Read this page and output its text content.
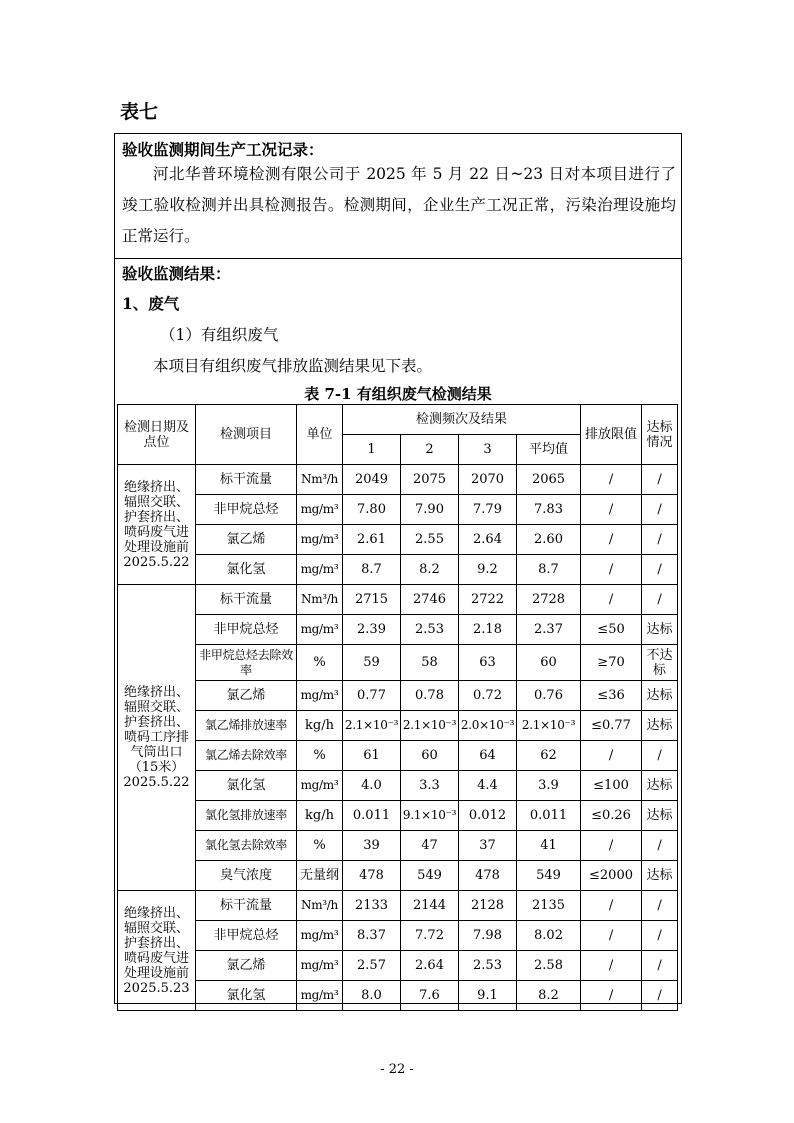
表七
验收监测期间生产工况记录：
河北华普环境检测有限公司于 2025 年 5 月 22 日~23 日对本项目进行了竣工验收检测并出具检测报告。检测期间，企业生产工况正常，污染治理设施均正常运行。
验收监测结果：
1、废气
（1）有组织废气
本项目有组织废气排放监测结果见下表。
表 7-1 有组织废气检测结果
检测日期及点位	检测项目	单位	检测频次及结果				排放限值	达标情况
			1	2	3	平均值		
绝缘挤出、辐照交联、护套挤出、喷码废气进处理设施前2025.5.22	标干流量	Nm³/h	2049	2075	2070	2065	/	/
	非甲烷总烃	mg/m³	7.80	7.90	7.79	7.83	/	/
	氯乙烯	mg/m³	2.61	2.55	2.64	2.60	/	/
	氯化氢	mg/m³	8.7	8.2	9.2	8.7	/	/
绝缘挤出、辐照交联、护套挤出、喷码工序排气筒出口（15米）2025.5.22	标干流量	Nm³/h	2715	2746	2722	2728	/	/
	非甲烷总烃	mg/m³	2.39	2.53	2.18	2.37	≤50	达标
	非甲烷总烃去除效率	%	59	58	63	60	≥70	不达标
	氯乙烯	mg/m³	0.77	0.78	0.72	0.76	≤36	达标
	氯乙烯排放速率	kg/h	2.1×10⁻³	2.1×10⁻³	2.0×10⁻³	2.1×10⁻³	≤0.77	达标
	氯乙烯去除效率	%	61	60	64	62	/	/
	氯化氢	mg/m³	4.0	3.3	4.4	3.9	≤100	达标
	氯化氢排放速率	kg/h	0.011	9.1×10⁻³	0.012	0.011	≤0.26	达标
	氯化氢去除效率	%	39	47	37	41	/	/
	臭气浓度	无量纲	478	549	478	549	≤2000	达标
绝缘挤出、辐照交联、护套挤出、喷码废气进处理设施前2025.5.23	标干流量	Nm³/h	2133	2144	2128	2135	/	/
	非甲烷总烃	mg/m³	8.37	7.72	7.98	8.02	/	/
	氯乙烯	mg/m³	2.57	2.64	2.53	2.58	/	/
	氯化氢	mg/m³	8.0	7.6	9.1	8.2	/	/
- 22 -
